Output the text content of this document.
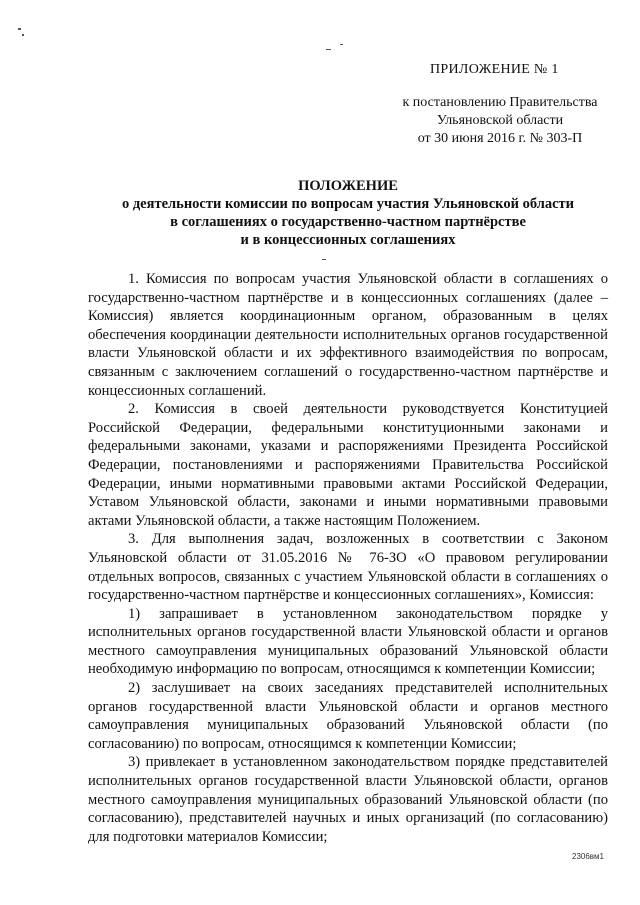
ПРИЛОЖЕНИЕ № 1
к постановлению Правительства
Ульяновской области
от 30 июня 2016 г. № 303-П
ПОЛОЖЕНИЕ
о деятельности комиссии по вопросам участия Ульяновской области
в соглашениях о государственно-частном партнёрстве
и в концессионных соглашениях

1. Комиссия по вопросам участия Ульяновской области в соглашениях о государственно-частном партнёрстве и в концессионных соглашениях (далее – Комиссия) является координационным органом, образованным в целях обеспечения координации деятельности исполнительных органов государственной власти Ульяновской области и их эффективного взаимодействия по вопросам, связанным с заключением соглашений о государственно-частном партнёрстве и концессионных соглашений.

2. Комиссия в своей деятельности руководствуется Конституцией Российской Федерации, федеральными конституционными законами и федеральными законами, указами и распоряжениями Президента Российской Федерации, постановлениями и распоряжениями Правительства Российской Федерации, иными нормативными правовыми актами Российской Федерации, Уставом Ульяновской области, законами и иными нормативными правовыми актами Ульяновской области, а также настоящим Положением.

3. Для выполнения задач, возложенных в соответствии с Законом Ульяновской области от 31.05.2016 № 76-ЗО «О правовом регулировании отдельных вопросов, связанных с участием Ульяновской области в соглашениях о государственно-частном партнёрстве и концессионных соглашениях», Комиссия:

1) запрашивает в установленном законодательством порядке у исполнительных органов государственной власти Ульяновской области и органов местного самоуправления муниципальных образований Ульяновской области необходимую информацию по вопросам, относящимся к компетенции Комиссии;

2) заслушивает на своих заседаниях представителей исполнительных органов государственной власти Ульяновской области и органов местного самоуправления муниципальных образований Ульяновской области (по согласованию) по вопросам, относящимся к компетенции Комиссии;

3) привлекает в установленном законодательством порядке представителей исполнительных органов государственной власти Ульяновской области, органов местного самоуправления муниципальных образований Ульяновской области (по согласованию), представителей научных и иных организаций (по согласованию) для подготовки материалов Комиссии;

2306вм1
